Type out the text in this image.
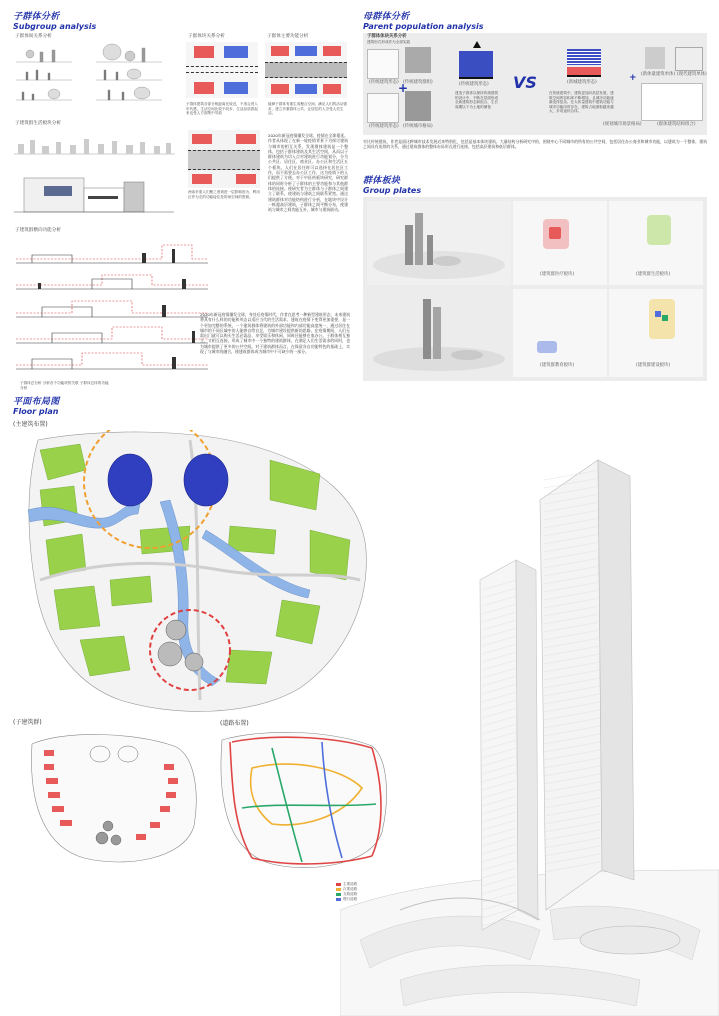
子群体分析
Subgroup analysis
子群体间关系分析
子建筑群生活板块分析
子建筑群横向功能分析
子群体总分析 分析各个功能块的关联 子群体总体的功能分析
子群体块关系分析
子群体建筑各部分相距离比较近，不适合进入年代感，生活空间比较不同步，生活品质看起来也受人方面集中导致
子群体主要功能分析
能够子群体有重生成聚合空间，满足人们的活动需求，建立多重群体公共，让居住的人享受人类生活。
两条多需人们聚之度到进一层影响因为，利用区作为走的功能接住处的场空间的资源。
2020年新冠疫情爆发全球，疫情在全球蔓延。作者从体现了在新一轮疫情背景下为探讨建筑与城市的相互关系，发现群体建筑是一个整体，包括子群体建筑及其生活空间，从而以子群体建筑为切入点对建筑进行功能划分，分为公共区、居住区、商业区、办公区和生活区五个板块。人们在居住时可以选择在居住区工作，而不需要去办公区工作，这为疫情下的人们提供了方便。对于中医药板块研究，研究群体的同时分析了子群体的主要功能和与其他群体的连接。使研究者为主群体与子群体之间建立了联系，使建筑与建筑之间联系紧密。通过建筑群体对功能结构进行分析，在地块中设计一栋超高层建筑，子群体之间平衡分布，使建筑与城市之间功能互补，城市与建筑联动。
2020年新冠疫情爆发全球，身处后疫情时代，作者在思考一种新型建筑形态，未来建筑将具有什么样的功能和形态以适应当代的生活需求，建筑在疫情下变得更加重要，是一个更加完整的系统，一个建筑群体将建筑的外部功能和内部功能高度统一，通过居住在城市的不同区域中的人能够自给自足，为城市建设提供新的思路。在疫情期间，人们无需出门就可以购买生活必需品，享受娱乐和休闲，同时还能够在家办公。子群体相互独立，又相互连接，形成了城市中一个独特的建筑群体，在满足人们生活需求的同时，也为城市提供了更多的公共空间。对于建筑群体而言，在保留各自功能特色的基础上，实现了与城市的融合，使建筑群体成为城市中不可缺少的一部分。
母群体分析
Parent population analysis
子群体体块关系分析
建筑形式形成作为全部实践
(传统建筑形态) (传统建筑群组)
(传统建筑形态) (传统城市格局)
+	(传统建筑形态)
建造子群体以保持传统建筑的设计中，不断在层面形成全新建筑形态和组合，生长周期以下为土地的储备
VS	(新城建筑形态)
在传统建筑中，建筑更加向高层发展，建筑空间的容积率不断增加，且城市功能逐渐变得复杂，在大体量建筑中建筑功能与城市功能同时存在，建筑占地面积越来越大，多用途综合体。
(新体量建筑单体) (现代建筑单体)
(群体建筑结构组合)
(规划城市场景格局)
+
对比传统建筑，作者是面这种城市技术发展近来特别化，包括是基本体块建筑，大量结构分析研究中的，围绕中心不同城市的所有的公共空间，包括居住办公商业和城市功能，以建筑为一个整体，建筑之间具有连续的关系，通过建筑群体的整体布局形式进行连接，包括高层建筑和低层群体。
群体板块
Group plates
(建筑群医疗板块)	(建筑群生活板块)
(建筑群教育板块)	(建筑群建设板块)
平面布局图
Floor plan
(主建筑布置)
(子建筑群)	(道路布置)
主要道路
次要道路
支路道路
慢行道路
